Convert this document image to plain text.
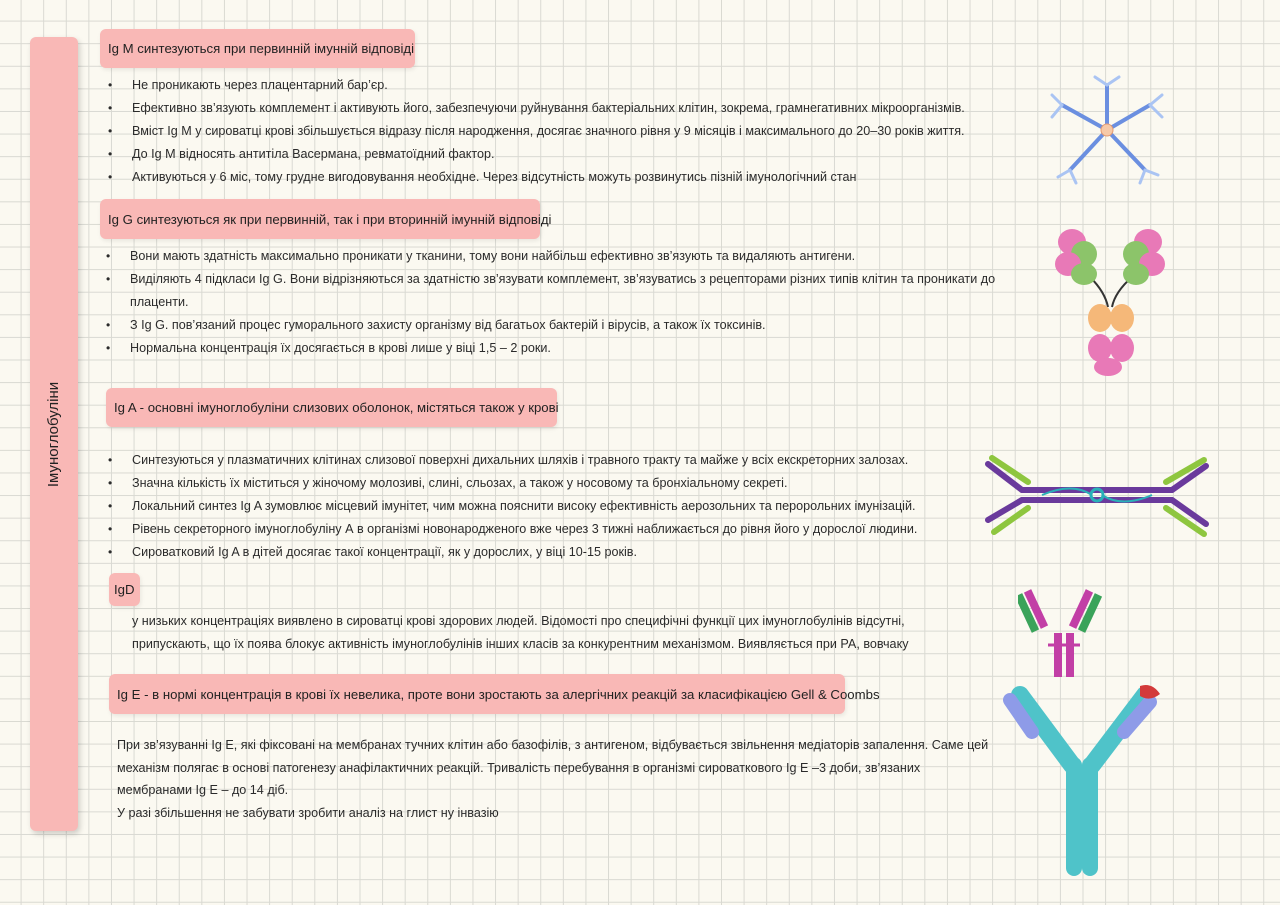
Імуноглобуліни
Ig M синтезуються при первинній імунній відповіді
• Не проникають через плацентарний бар’єр.
• Ефективно зв’язують комплемент і активують його, забезпечуючи руйнування бактеріальних клітин, зокрема, грамнегативних мікроорганізмів.
• Вміст Ig M у сироватці крові збільшується відразу після народження, досягає значного рівня у 9 місяців і максимального до 20–30 років життя.
• До Ig M відносять антитіла Васермана, ревматоїдний фактор.
• Активуються у 6 міс, тому грудне вигодовування необхідне. Через відсутність можуть розвинутись пізній імунологічний стан
Ig G синтезуються як при первинній, так і при вторинній імунній відповіді
• Вони мають здатність максимально проникати у тканини, тому вони найбільш ефективно зв’язують та видаляють антигени.
• Виділяють 4 підкласи Ig G. Вони відрізняються за здатністю зв’язувати комплемент, зв’язуватись з рецепторами різних типів клітин та проникати до плаценти.
• З Ig G. пов’язаний процес гуморального захисту організму від багатьох бактерій і вірусів, а також їх токсинів.
• Нормальна концентрація їх досягається в крові лише у віці 1,5 – 2 роки.
Ig A - основні імуноглобуліни слизових оболонок, містяться також у крові
• Синтезуються у плазматичних клітинах слизової поверхні дихальних шляхів і травного тракту та майже у всіх екскреторних залозах.
• Значна кількість їх міститься у жіночому молозиві, слині, сльозах, а також у носовому та бронхіальному секреті.
• Локальний синтез Ig A зумовлює місцевий імунітет, чим можна пояснити високу ефективність аерозольних та перорольних імунізацій.
• Рівень секреторного імуноглобуліну А в організмі новонародженого вже через 3 тижні наближається до рівня його у дорослої людини.
• Сироватковий Ig A в дітей досягає такої концентрації, як у дорослих, у віці 10-15 років.
IgD
у низьких концентраціях виявлено в сироватці крові здорових людей. Відомості про специфічні функції цих імуноглобулінів відсутні,
припускають, що їх поява блокує активність імуноглобулінів інших класів за конкурентним механізмом. Виявляється при РА, вовчаку
Ig E - в нормі концентрація в крові їх невелика, проте вони зростають за алергічних реакцій за класифікацією Gell & Coombs
При зв’язуванні Ig E, які фіксовані на мембранах тучних клітин або базофілів, з антигеном, відбувається звільнення медіаторів запалення. Саме цей
механізм полягає в основі патогенезу анафілактичних реакцій. Тривалість перебування в організмі сироваткового Ig E –3 доби, зв’язаних
мембранами Ig E – до 14 діб.
У разі збільшення не забувати зробити аналіз на глист ну інвазію
